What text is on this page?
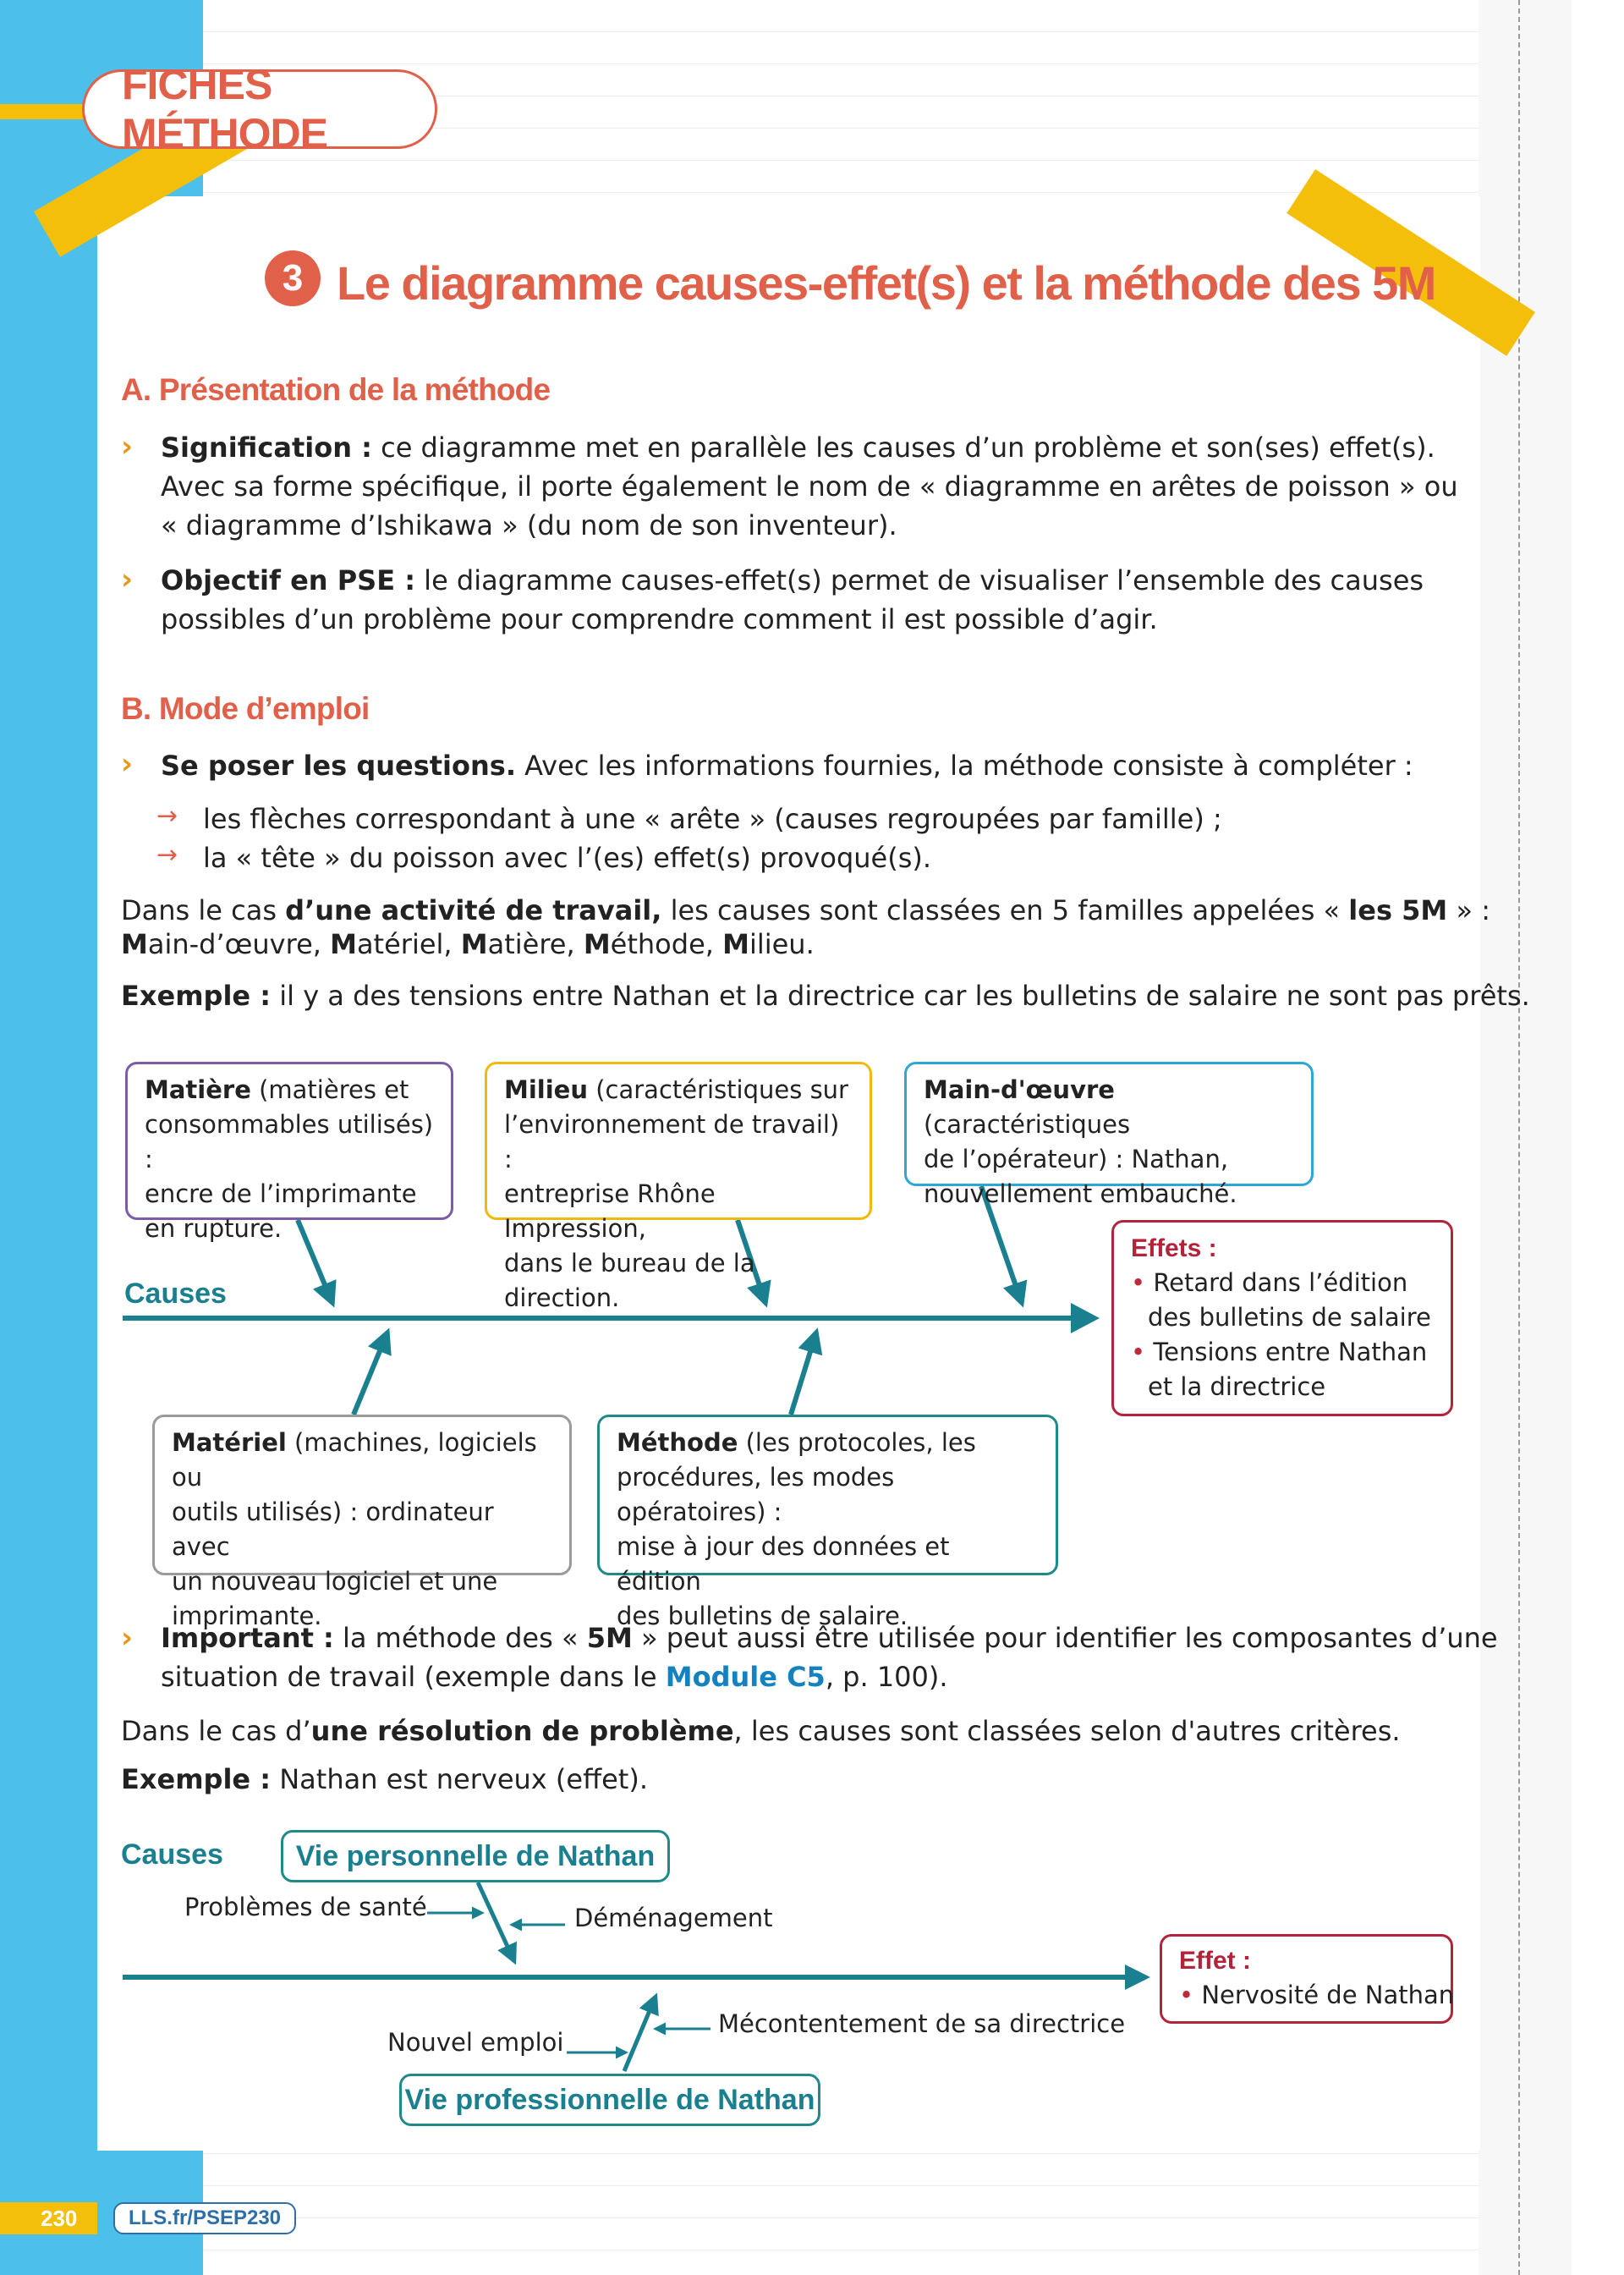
FICHES MÉTHODE
3 Le diagramme causes-effet(s) et la méthode des 5M
A. Présentation de la méthode
› Signification : ce diagramme met en parallèle les causes d’un problème et son(ses) effet(s).
Avec sa forme spécifique, il porte également le nom de « diagramme en arêtes de poisson » ou
« diagramme d’Ishikawa » (du nom de son inventeur).
› Objectif en PSE : le diagramme causes-effet(s) permet de visualiser l’ensemble des causes
possibles d’un problème pour comprendre comment il est possible d’agir.
B. Mode d’emploi
› Se poser les questions. Avec les informations fournies, la méthode consiste à compléter :
→ les flèches correspondant à une « arête » (causes regroupées par famille) ;
→ la « tête » du poisson avec l’(es) effet(s) provoqué(s).
Dans le cas d’une activité de travail, les causes sont classées en 5 familles appelées « les 5M » :
Main-d’œuvre, Matériel, Matière, Méthode, Milieu.
Exemple : il y a des tensions entre Nathan et la directrice car les bulletins de salaire ne sont pas prêts.
Causes
Matière (matières et
consommables utilisés) :
encre de l’imprimante
en rupture.
Milieu (caractéristiques sur
l’environnement de travail) :
entreprise Rhône Impression,
dans le bureau de la direction.
Main-d'œuvre (caractéristiques
de l’opérateur) : Nathan,
nouvellement embauché.
Matériel (machines, logiciels ou
outils utilisés) : ordinateur avec
un nouveau logiciel et une
imprimante.
Méthode (les protocoles, les
procédures, les modes opératoires) :
mise à jour des données et édition
des bulletins de salaire.
Effets :
• Retard dans l’édition
des bulletins de salaire
• Tensions entre Nathan
et la directrice
› Important : la méthode des « 5M » peut aussi être utilisée pour identifier les composantes d’une
situation de travail (exemple dans le Module C5, p. 100).
Dans le cas d’une résolution de problème, les causes sont classées selon d'autres critères.
Exemple : Nathan est nerveux (effet).
Causes	Vie personnelle de Nathan
Problèmes de santé	Déménagement
Nouvel emploi
Mécontentement de sa directrice
Vie professionnelle de Nathan
Effet :
• Nervosité de Nathan
230	LLS.fr/PSEP230
